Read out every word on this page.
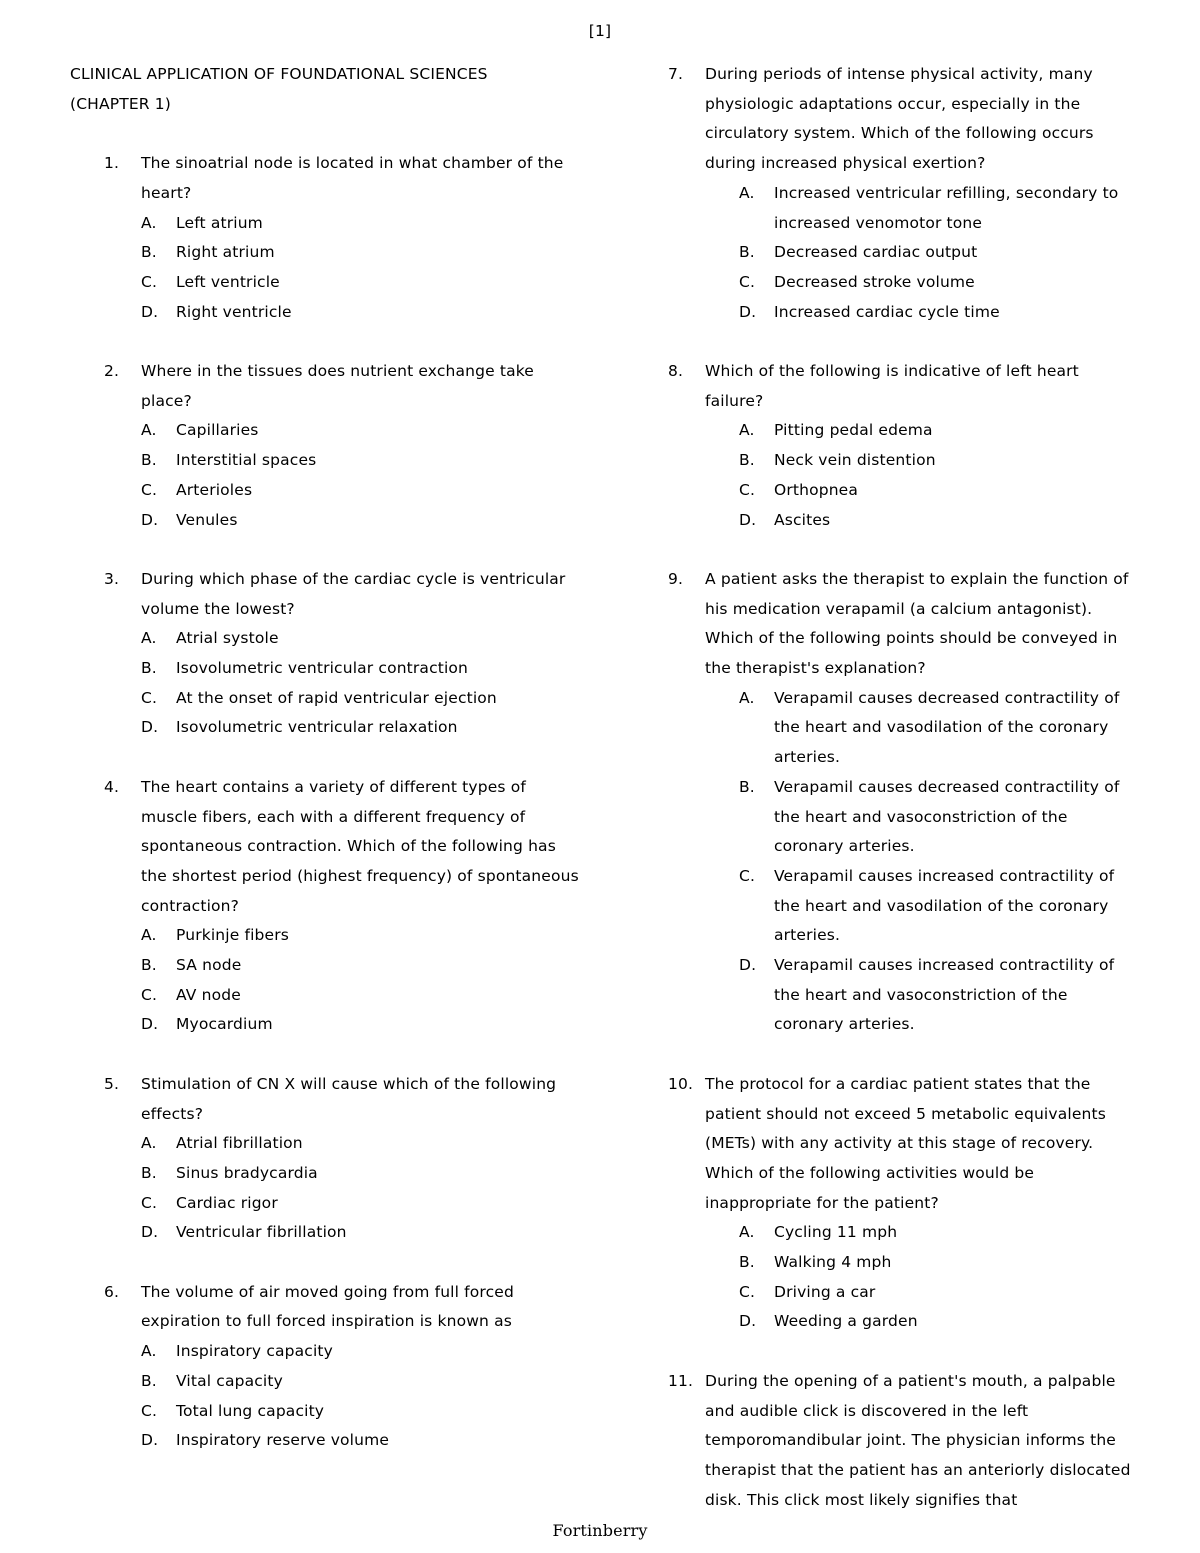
[1]
CLINICAL APPLICATION OF FOUNDATIONAL SCIENCES
(CHAPTER 1)
1.	The sinoatrial node is located in what chamber of the heart?
A.	Left atrium
B.	Right atrium
C.	Left ventricle
D.	Right ventricle
2.	Where in the tissues does nutrient exchange take place?
A.	Capillaries
B.	Interstitial spaces
C.	Arterioles
D.	Venules
3.	During which phase of the cardiac cycle is ventricular volume the lowest?
A.	Atrial systole
B.	Isovolumetric ventricular contraction
C.	At the onset of rapid ventricular ejection
D.	Isovolumetric ventricular relaxation
4.	The heart contains a variety of different types of muscle fibers, each with a different frequency of spontaneous contraction. Which of the following has the shortest period (highest frequency) of spontaneous contraction?
A.	Purkinje fibers
B.	SA node
C.	AV node
D.	Myocardium
5.	Stimulation of CN X will cause which of the following effects?
A.	Atrial fibrillation
B.	Sinus bradycardia
C.	Cardiac rigor
D.	Ventricular fibrillation
6.	The volume of air moved going from full forced expiration to full forced inspiration is known as
A.	Inspiratory capacity
B.	Vital capacity
C.	Total lung capacity
D.	Inspiratory reserve volume
7.	During periods of intense physical activity, many physiologic adaptations occur, especially in the circulatory system. Which of the following occurs during increased physical exertion?
A.	Increased ventricular refilling, secondary to increased venomotor tone
B.	Decreased cardiac output
C.	Decreased stroke volume
D.	Increased cardiac cycle time
8.	Which of the following is indicative of left heart failure?
A.	Pitting pedal edema
B.	Neck vein distention
C.	Orthopnea
D.	Ascites
9.	A patient asks the therapist to explain the function of his medication verapamil (a calcium antagonist). Which of the following points should be conveyed in the therapist's explanation?
A.	Verapamil causes decreased contractility of the heart and vasodilation of the coronary arteries.
B.	Verapamil causes decreased contractility of the heart and vasoconstriction of the coronary arteries.
C.	Verapamil causes increased contractility of the heart and vasodilation of the coronary arteries.
D.	Verapamil causes increased contractility of the heart and vasoconstriction of the coronary arteries.
10. The protocol for a cardiac patient states that the patient should not exceed 5 metabolic equivalents (METs) with any activity at this stage of recovery. Which of the following activities would be inappropriate for the patient?
A.	Cycling 11 mph
B.	Walking 4 mph
C.	Driving a car
D.	Weeding a garden
11. During the opening of a patient's mouth, a palpable and audible click is discovered in the left temporomandibular joint. The physician informs the therapist that the patient has an anteriorly dislocated disk. This click most likely signifies that
Fortinberry
